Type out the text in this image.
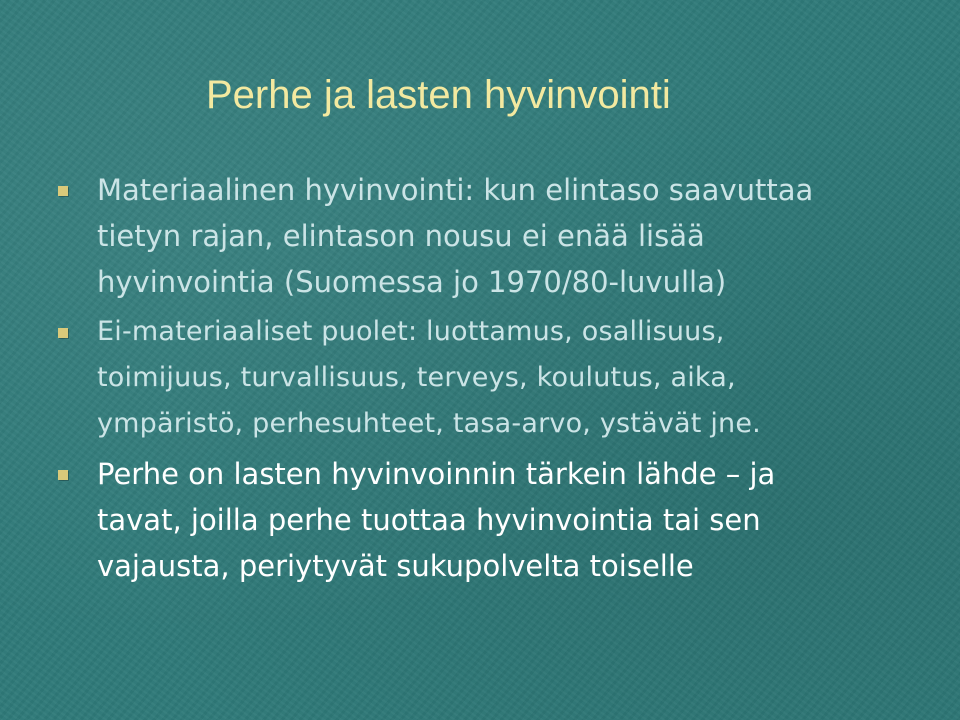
Perhe ja lasten hyvinvointi
Materiaalinen hyvinvointi: kun elintaso saavuttaa
tietyn rajan, elintason nousu ei enää lisää
hyvinvointia (Suomessa jo 1970/80-luvulla)
Ei-materiaaliset puolet: luottamus, osallisuus,
toimijuus, turvallisuus, terveys, koulutus, aika,
ympäristö, perhesuhteet, tasa-arvo, ystävät jne.
Perhe on lasten hyvinvoinnin tärkein lähde – ja
tavat, joilla perhe tuottaa hyvinvointia tai sen
vajausta, periytyvät sukupolvelta toiselle
